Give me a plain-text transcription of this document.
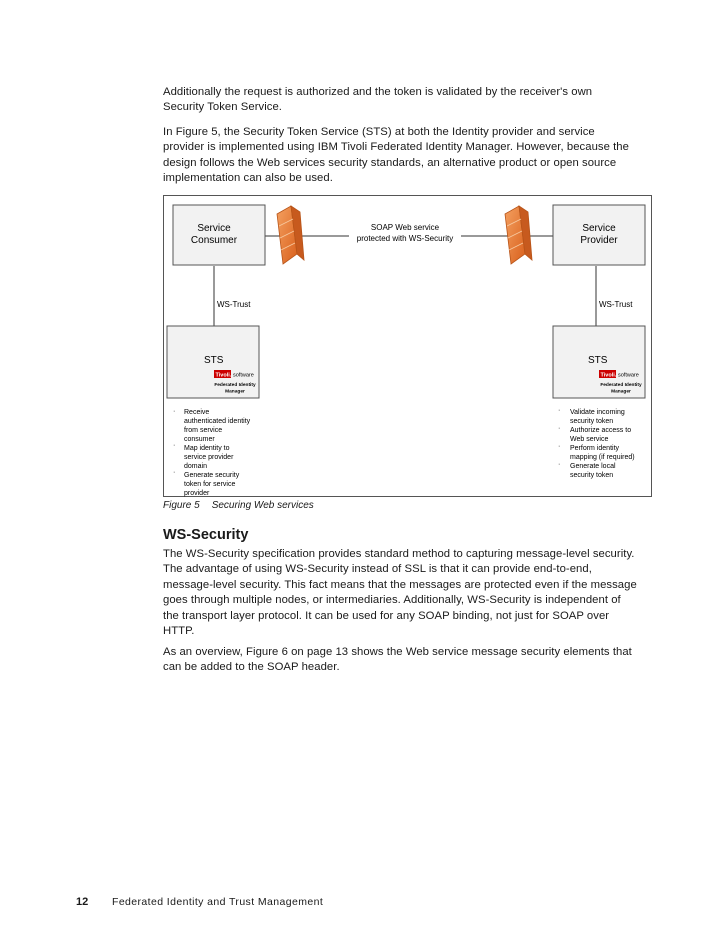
Additionally the request is authorized and the token is validated by the receiver's own
Security Token Service.

In Figure 5, the Security Token Service (STS) at both the Identity provider and service
provider is implemented using IBM Tivoli Federated Identity Manager. However, because the
design follows the Web services security standards, an alternative product or open source
implementation can also be used.

Service
Consumer
Service
Provider
SOAP Web service
protected with WS-Security
WS-Trust	WS-Trust
STS
Tivoli. software
Federated Identity
Manager
STS
Tivoli. software
Federated Identity
Manager
· Receive
authenticated identity
from service
consumer
· Map identity to
service provider
domain
· Generate security
token for service
provider
· Validate incoming
security token
· Authorize access to
Web service
· Perform identity
mapping (if required)
· Generate local
security token

Figure 5 Securing Web services

WS-Security

The WS-Security specification provides standard method to capturing message-level security.
The advantage of using WS-Security instead of SSL is that it can provide end-to-end,
message-level security. This fact means that the messages are protected even if the message
goes through multiple nodes, or intermediaries. Additionally, WS-Security is independent of
the transport layer protocol. It can be used for any SOAP binding, not just for SOAP over
HTTP.

As an overview, Figure 6 on page 13 shows the Web service message security elements that
can be added to the SOAP header.

12 Federated Identity and Trust Management
